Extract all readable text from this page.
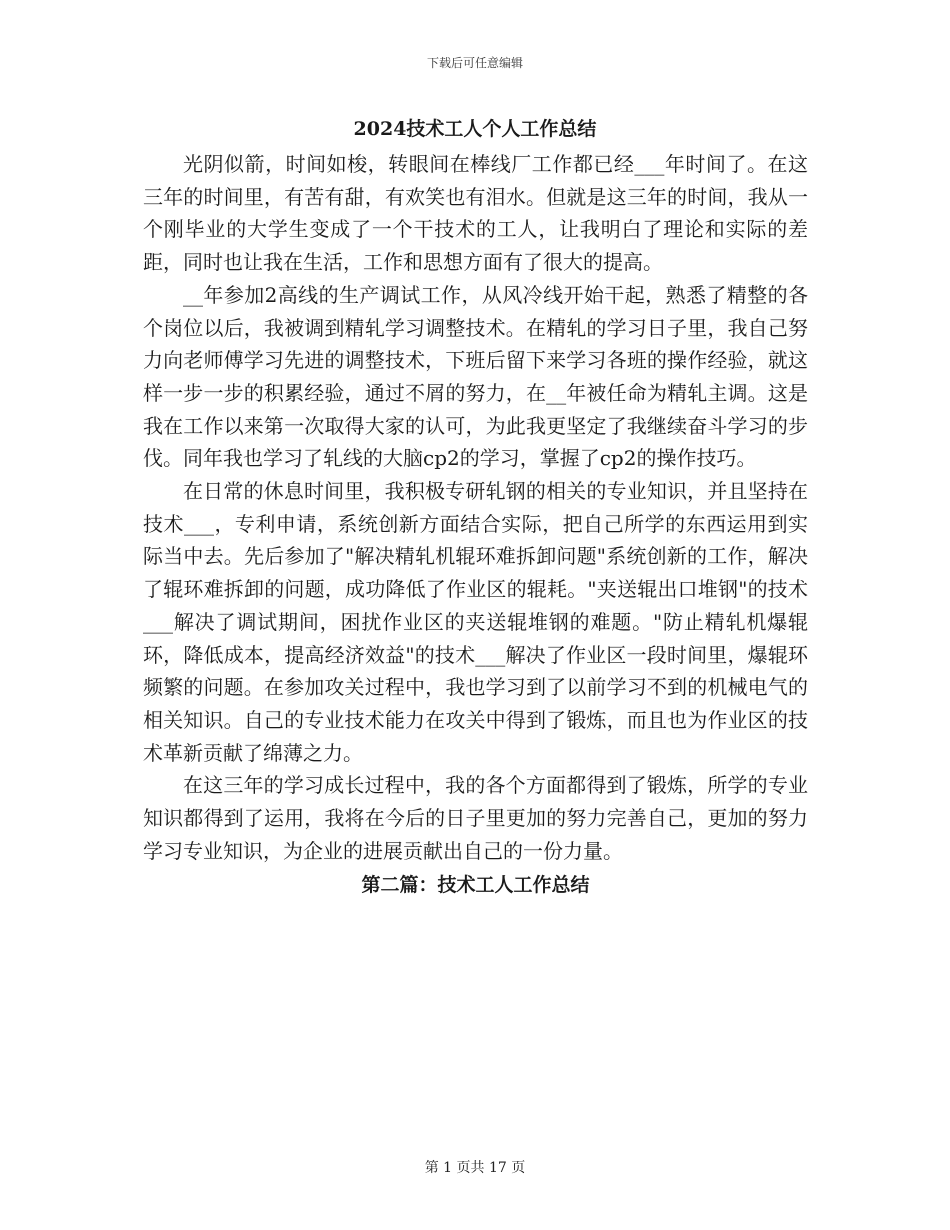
下载后可任意编辑
2024技术工人个人工作总结

光阴似箭，时间如梭，转眼间在棒线厂工作都已经___年时间了。在这三年的时间里，有苦有甜，有欢笑也有泪水。但就是这三年的时间，我从一个刚毕业的大学生变成了一个干技术的工人，让我明白了理论和实际的差距，同时也让我在生活，工作和思想方面有了很大的提高。

__年参加2高线的生产调试工作，从风冷线开始干起，熟悉了精整的各个岗位以后，我被调到精轧学习调整技术。在精轧的学习日子里，我自己努力向老师傅学习先进的调整技术，下班后留下来学习各班的操作经验，就这样一步一步的积累经验，通过不屑的努力，在__年被任命为精轧主调。这是我在工作以来第一次取得大家的认可，为此我更坚定了我继续奋斗学习的步伐。同年我也学习了轧线的大脑cp2的学习，掌握了cp2的操作技巧。

在日常的休息时间里，我积极专研轧钢的相关的专业知识，并且坚持在技术___，专利申请，系统创新方面结合实际，把自己所学的东西运用到实际当中去。先后参加了"解决精轧机辊环难拆卸问题"系统创新的工作，解决了辊环难拆卸的问题，成功降低了作业区的辊耗。"夹送辊出口堆钢"的技术___解决了调试期间，困扰作业区的夹送辊堆钢的难题。"防止精轧机爆辊环，降低成本，提高经济效益"的技术___解决了作业区一段时间里，爆辊环频繁的问题。在参加攻关过程中，我也学习到了以前学习不到的机械电气的相关知识。自己的专业技术能力在攻关中得到了锻炼，而且也为作业区的技术革新贡献了绵薄之力。

在这三年的学习成长过程中，我的各个方面都得到了锻炼，所学的专业知识都得到了运用，我将在今后的日子里更加的努力完善自己，更加的努力学习专业知识，为企业的进展贡献出自己的一份力量。

第二篇：技术工人工作总结
第 1 页共 17 页
